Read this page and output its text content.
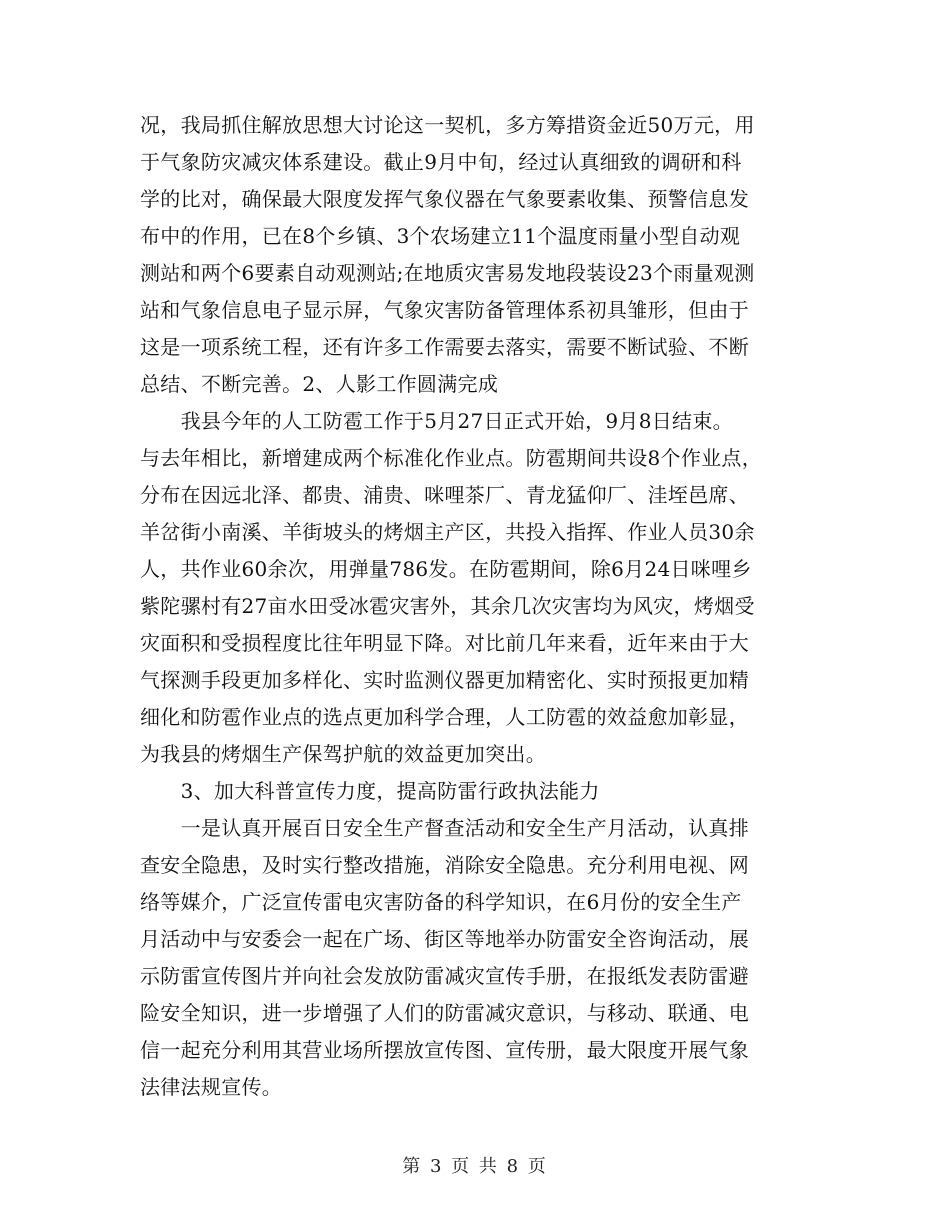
况，我局抓住解放思想大讨论这一契机，多方筹措资金近50万元，用
于气象防灾减灾体系建设。截止9月中旬，经过认真细致的调研和科
学的比对，确保最大限度发挥气象仪器在气象要素收集、预警信息发
布中的作用，已在8个乡镇、3个农场建立11个温度雨量小型自动观
测站和两个6要素自动观测站;在地质灾害易发地段装设23个雨量观测
站和气象信息电子显示屏，气象灾害防备管理体系初具雏形，但由于
这是一项系统工程，还有许多工作需要去落实，需要不断试验、不断
总结、不断完善。2、人影工作圆满完成
　　我县今年的人工防雹工作于5月27日正式开始，9月8日结束。
与去年相比，新增建成两个标准化作业点。防雹期间共设8个作业点，
分布在因远北泽、都贵、浦贵、咪哩茶厂、青龙猛仰厂、洼垤邑席、
羊岔街小南溪、羊街坡头的烤烟主产区，共投入指挥、作业人员30余
人，共作业60余次，用弹量786发。在防雹期间，除6月24日咪哩乡
紫陀骡村有27亩水田受冰雹灾害外，其余几次灾害均为风灾，烤烟受
灾面积和受损程度比往年明显下降。对比前几年来看，近年来由于大
气探测手段更加多样化、实时监测仪器更加精密化、实时预报更加精
细化和防雹作业点的选点更加科学合理，人工防雹的效益愈加彰显，
为我县的烤烟生产保驾护航的效益更加突出。
　　3、加大科普宣传力度，提高防雷行政执法能力
　　一是认真开展百日安全生产督查活动和安全生产月活动，认真排
查安全隐患，及时实行整改措施，消除安全隐患。充分利用电视、网
络等媒介，广泛宣传雷电灾害防备的科学知识，在6月份的安全生产
月活动中与安委会一起在广场、街区等地举办防雷安全咨询活动，展
示防雷宣传图片并向社会发放防雷减灾宣传手册，在报纸发表防雷避
险安全知识，进一步增强了人们的防雷减灾意识，与移动、联通、电
信一起充分利用其营业场所摆放宣传图、宣传册，最大限度开展气象
法律法规宣传。
第 3 页 共 8 页
